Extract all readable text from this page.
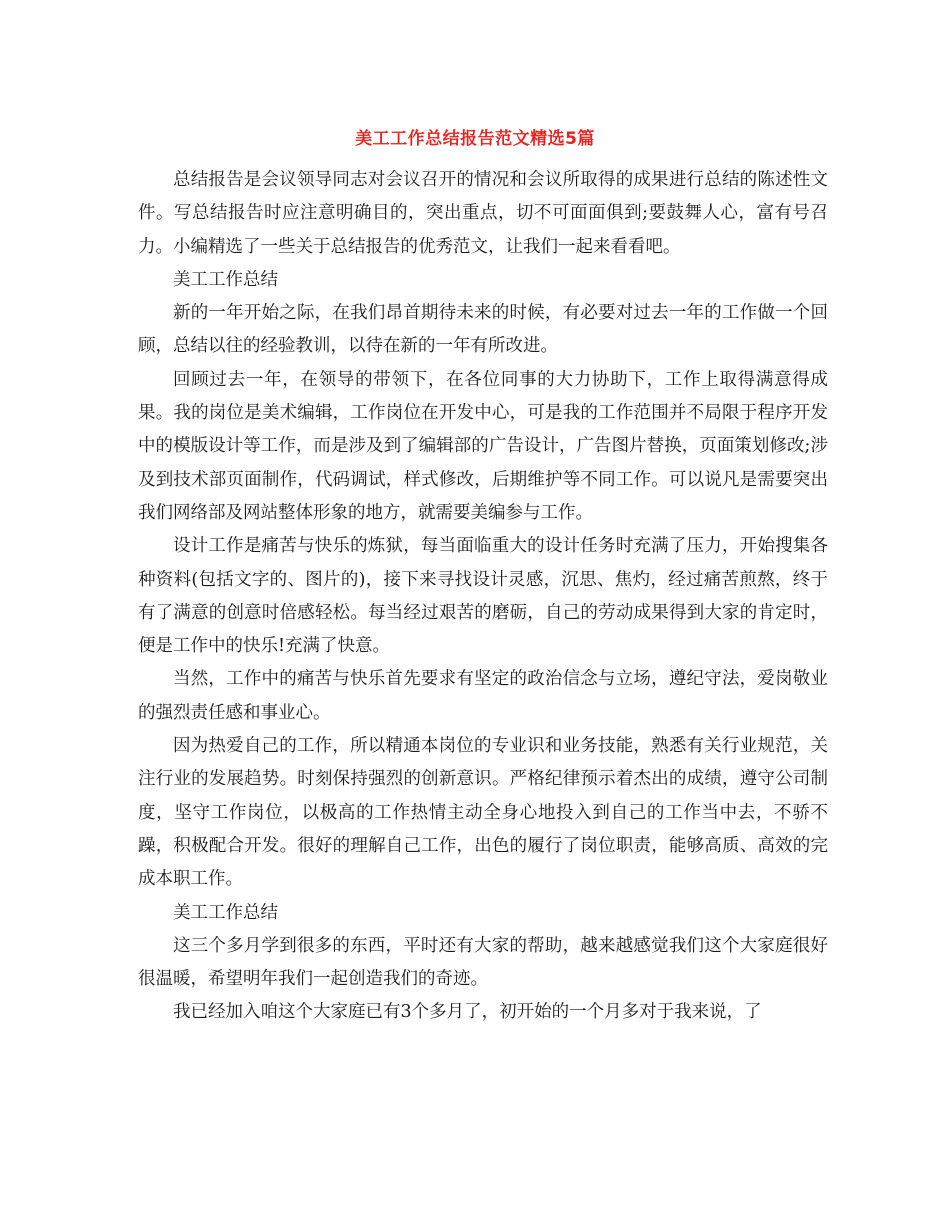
美工工作总结报告范文精选5篇

总结报告是会议领导同志对会议召开的情况和会议所取得的成果进行总结的陈述性文件。写总结报告时应注意明确目的，突出重点，切不可面面俱到;要鼓舞人心，富有号召力。小编精选了一些关于总结报告的优秀范文，让我们一起来看看吧。

美工工作总结

新的一年开始之际，在我们昂首期待未来的时候，有必要对过去一年的工作做一个回顾，总结以往的经验教训，以待在新的一年有所改进。

回顾过去一年，在领导的带领下，在各位同事的大力协助下，工作上取得满意得成果。我的岗位是美术编辑，工作岗位在开发中心，可是我的工作范围并不局限于程序开发中的模版设计等工作，而是涉及到了编辑部的广告设计，广告图片替换，页面策划修改;涉及到技术部页面制作，代码调试，样式修改，后期维护等不同工作。可以说凡是需要突出我们网络部及网站整体形象的地方，就需要美编参与工作。

设计工作是痛苦与快乐的炼狱，每当面临重大的设计任务时充满了压力，开始搜集各种资料(包括文字的、图片的)，接下来寻找设计灵感，沉思、焦灼，经过痛苦煎熬，终于有了满意的创意时倍感轻松。每当经过艰苦的磨砺，自己的劳动成果得到大家的肯定时，便是工作中的快乐!充满了快意。

当然，工作中的痛苦与快乐首先要求有坚定的政治信念与立场，遵纪守法，爱岗敬业的强烈责任感和事业心。

因为热爱自己的工作，所以精通本岗位的专业识和业务技能，熟悉有关行业规范，关注行业的发展趋势。时刻保持强烈的创新意识。严格纪律预示着杰出的成绩，遵守公司制度，坚守工作岗位，以极高的工作热情主动全身心地投入到自己的工作当中去，不骄不躁，积极配合开发。很好的理解自己工作，出色的履行了岗位职责，能够高质、高效的完成本职工作。

美工工作总结

这三个多月学到很多的东西，平时还有大家的帮助，越来越感觉我们这个大家庭很好很温暖，希望明年我们一起创造我们的奇迹。

我已经加入咱这个大家庭已有3个多月了，初开始的一个月多对于我来说，了
